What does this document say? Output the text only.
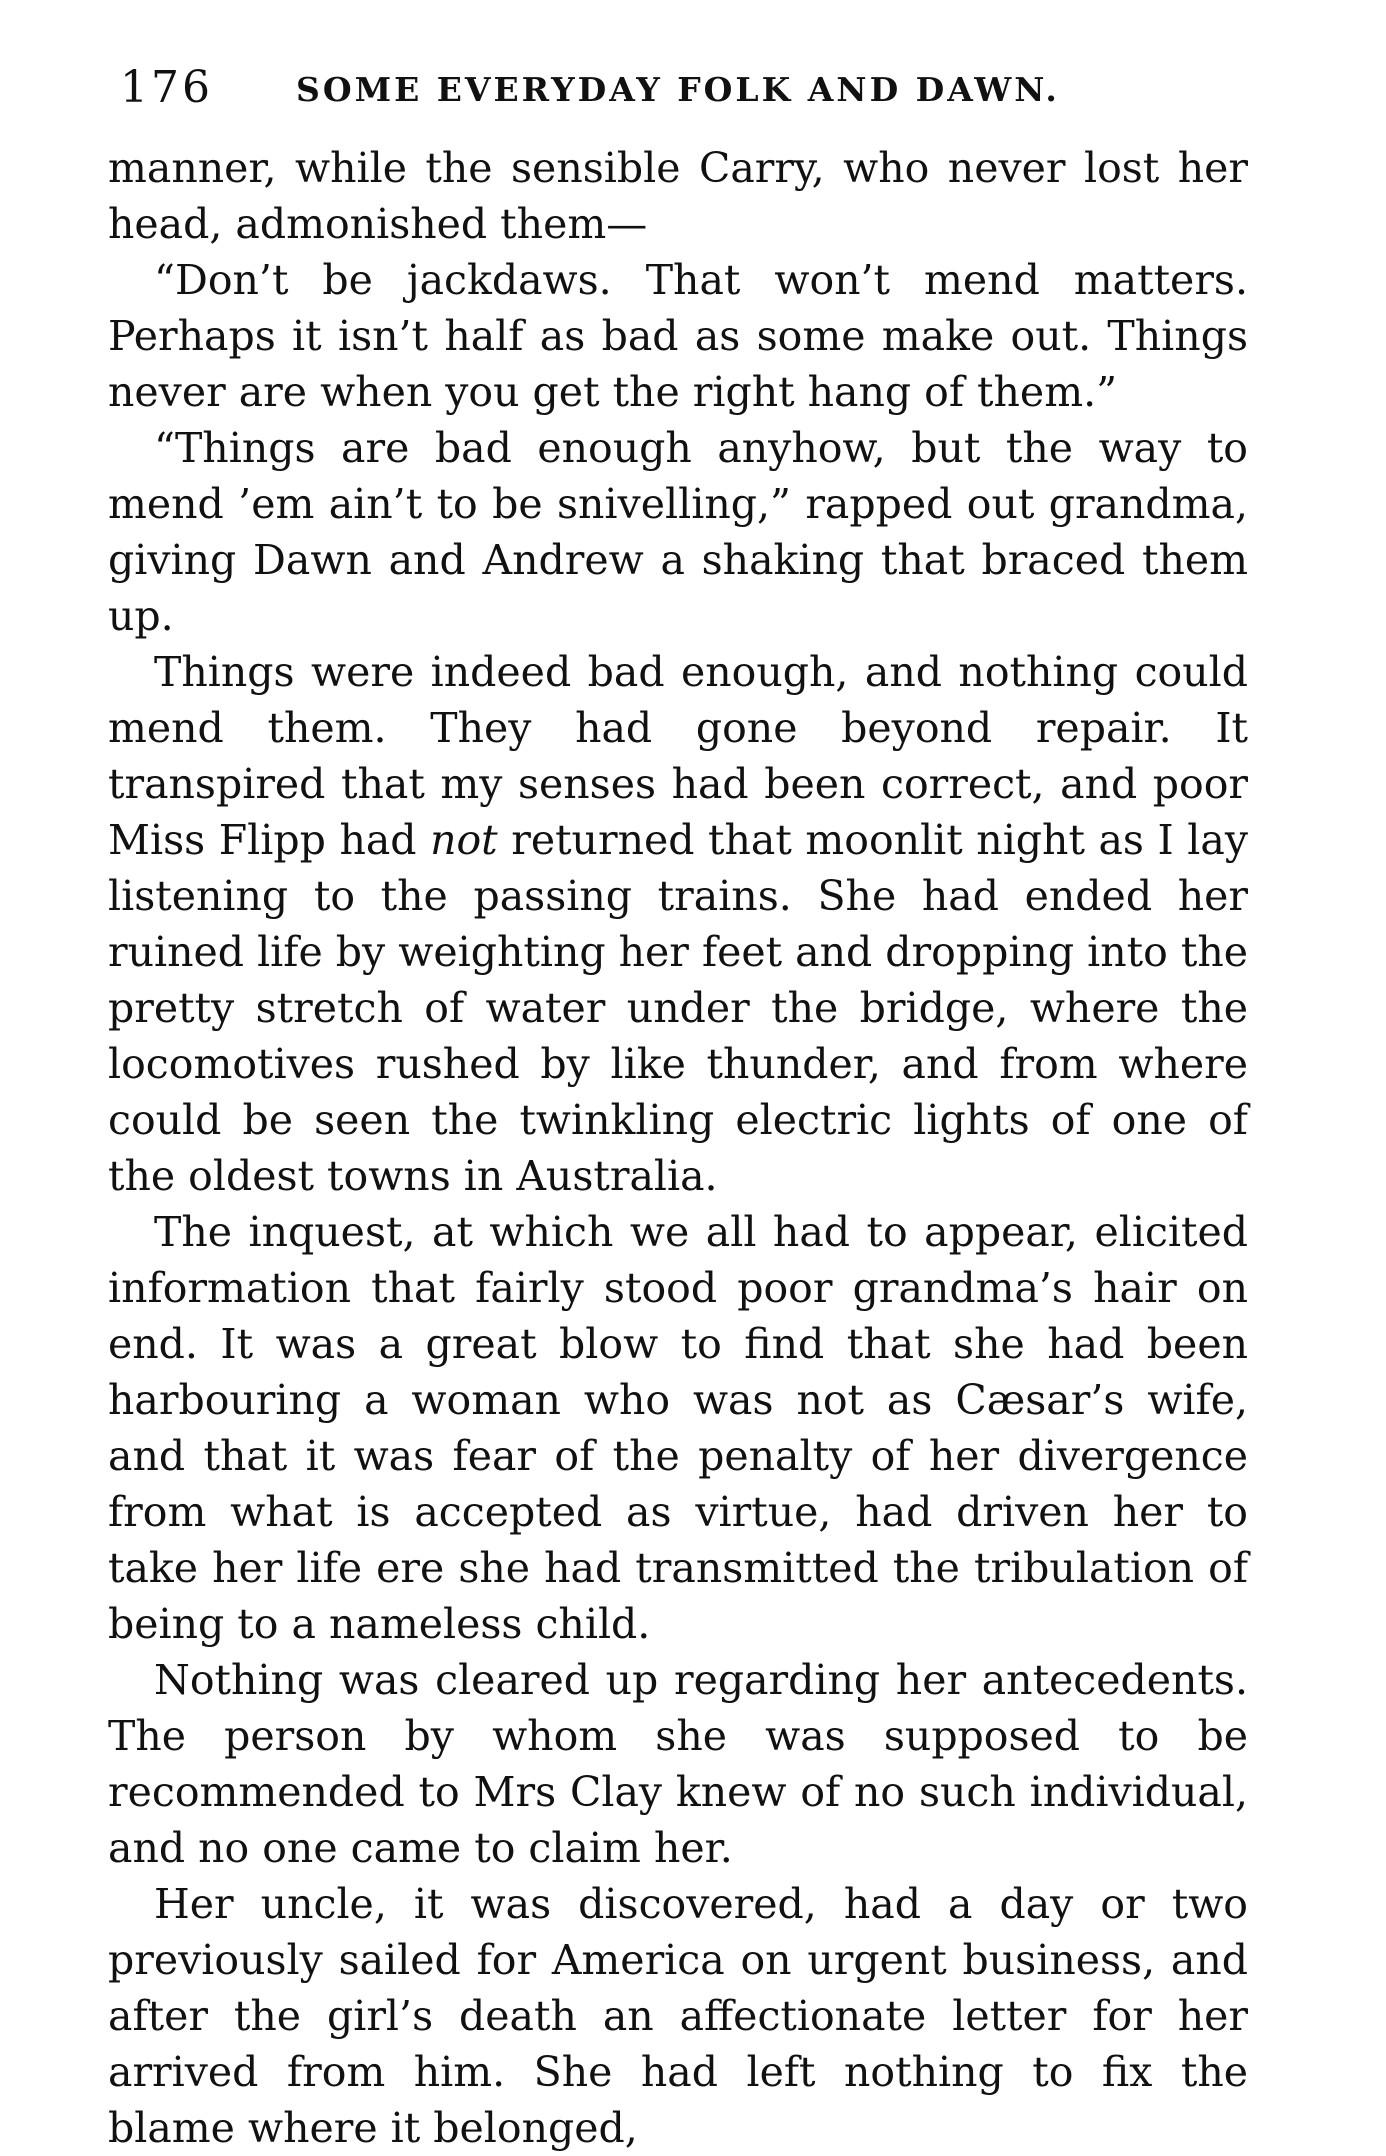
176	SOME EVERYDAY FOLK AND DAWN.

manner, while the sensible Carry, who never lost her head, admonished them—

“Don’t be jackdaws. That won’t mend matters. Perhaps it isn’t half as bad as some make out. Things never are when you get the right hang of them.”

“Things are bad enough anyhow, but the way to mend ’em ain’t to be snivelling,” rapped out grandma, giving Dawn and Andrew a shaking that braced them up.

Things were indeed bad enough, and nothing could mend them. They had gone beyond repair. It transpired that my senses had been correct, and poor Miss Flipp had not returned that moonlit night as I lay listening to the passing trains. She had ended her ruined life by weighting her feet and dropping into the pretty stretch of water under the bridge, where the locomotives rushed by like thunder, and from where could be seen the twinkling electric lights of one of the oldest towns in Australia.

The inquest, at which we all had to appear, elicited information that fairly stood poor grandma’s hair on end. It was a great blow to find that she had been harbouring a woman who was not as Cæsar’s wife, and that it was fear of the penalty of her divergence from what is accepted as virtue, had driven her to take her life ere she had transmitted the tribulation of being to a nameless child.

Nothing was cleared up regarding her antecedents. The person by whom she was supposed to be recommended to Mrs Clay knew of no such individual, and no one came to claim her.

Her uncle, it was discovered, had a day or two previously sailed for America on urgent business, and after the girl’s death an affectionate letter for her arrived from him. She had left nothing to fix the blame where it belonged,
